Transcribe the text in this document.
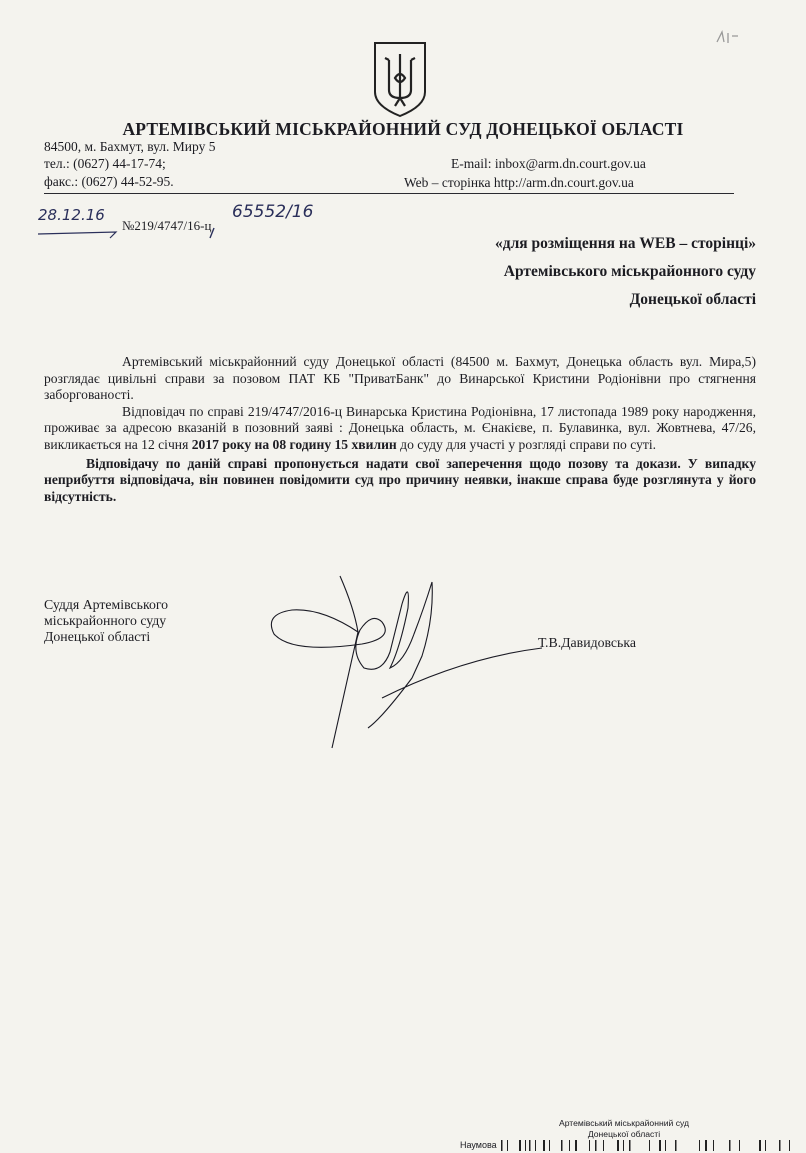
АРТЕМІВСЬКИЙ МІСЬКРАЙОННИЙ СУД ДОНЕЦЬКОЇ ОБЛАСТІ
84500, м. Бахмут, вул. Миру 5
тел.: (0627) 44-17-74;
факс.: (0627) 44-52-95.
E-mail: inbox@arm.dn.court.gov.ua
Web – сторінка http://arm.dn.court.gov.ua
28.12.16
№219/4747/16-ц
65552/16
«для розміщення на WEB – сторінці»
Артемівського міськрайонного суду
Донецької області

Артемівський міськрайонний суду Донецької області (84500 м. Бахмут, Донецька область вул. Мира,5) розглядає цивільні справи за позовом ПАТ КБ "ПриватБанк" до Винарської Кристини Родіонівни про стягнення заборгованості.

Відповідач по справі 219/4747/2016-ц Винарська Кристина Родіонівна, 17 листопада 1989 року народження, проживає за адресою вказаній в позовний заяві : Донецька область, м. Єнакієве, п. Булавинка, вул. Жовтнева, 47/26, викликається на 12 січня 2017 року на 08 годину 15 хвилин до суду для участі у розгляді справи по суті.

Відповідачу по даній справі пропонується надати свої заперечення щодо позову та докази. У випадку неприбуття відповідача, він повинен повідомити суд про причину неявки, інакше справа буде розглянута у його відсутність.

Суддя Артемівського
міськрайонного суду
Донецької області	Т.В.Давидовська
Артемівський міськрайонний суд
Донецької області
Наумова
